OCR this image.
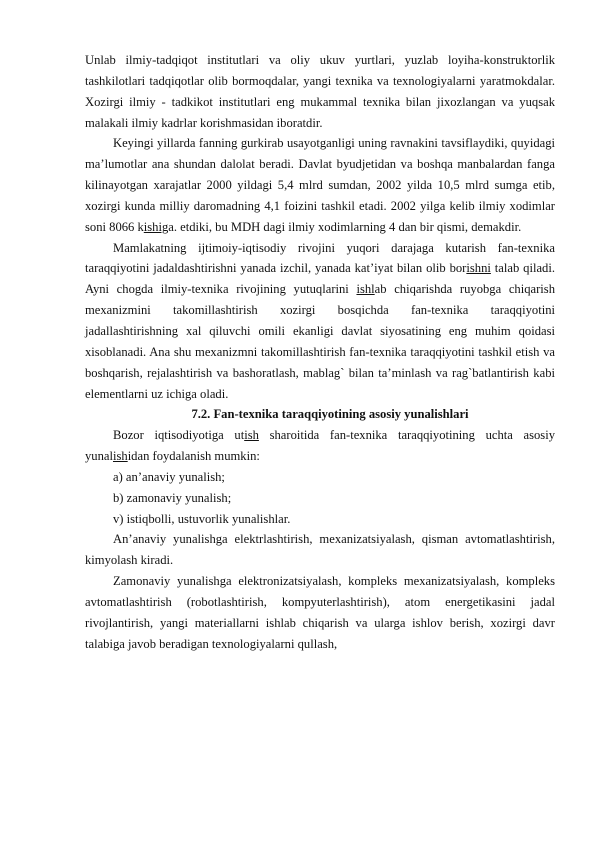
Unlab ilmiy-tadqiqot institutlari va oliy ukuv yurtlari, yuzlab loyiha-konstruktorlik tashkilotlari tadqiqotlar olib bormoqdalar, yangi texnika va texnologiyalarni yaratmokdalar. Xozirgi ilmiy - tadkikot institutlari eng mukammal texnika bilan jixozlangan va yuqsak malakali ilmiy kadrlar korishmasidan iboratdir.

Keyingi yillarda fanning gurkirab usayotganligi uning ravnakini tavsiflaydiki, quyidagi ma’lumotlar ana shundan dalolat beradi. Davlat byudjetidan va boshqa manbalardan fanga kilinayotgan xarajatlar 2000 yildagi 5,4 mlrd sumdan, 2002 yilda 10,5 mlrd sumga etib, xozirgi kunda milliy daromadning 4,1 foizini tashkil etadi. 2002 yilga kelib ilmiy xodimlar soni 8066 kishiga. etdiki, bu MDH dagi ilmiy xodimlarning 4 dan bir qismi, demakdir.

Mamlakatning ijtimoiy-iqtisodiy rivojini yuqori darajaga kutarish fan-texnika taraqqiyotini jadaldashtirishni yanada izchil, yanada kat’iyat bilan olib borishni talab qiladi. Ayni chogda ilmiy-texnika rivojining yutuqlarini ishlab chiqarishda ruyobga chiqarish mexanizmini takomillashtirish xozirgi bosqichda fan-texnika taraqqiyotini jadallashtirishning xal qiluvchi omili ekanligi davlat siyosatining eng muhim qoidasi xisoblanadi. Ana shu mexanizmni takomillashtirish fan-texnika taraqqiyotini tashkil etish va boshqarish, rejalashtirish va bashoratlash, mablag` bilan ta’minlash va rag`batlantirish kabi elementlarni uz ichiga oladi.

7.2. Fan-texnika taraqqiyotining asosiy yunalishlari

Bozor iqtisodiyotiga utish sharoitida fan-texnika taraqqiyotining uchta asosiy yunalishidan foydalanish mumkin:

a) an’anaviy yunalish;

b) zamonaviy yunalish;

v) istiqbolli, ustuvorlik yunalishlar.

An’anaviy yunalishga elektrlashtirish, mexanizatsiyalash, qisman avtomatlashtirish, kimyolash kiradi.

Zamonaviy yunalishga elektronizatsiyalash, kompleks mexanizatsiyalash, kompleks avtomatlashtirish (robotlashtirish, kompyuterlashtirish), atom energetikasini jadal rivojlantirish, yangi materiallarni ishlab chiqarish va ularga ishlov berish, xozirgi davr talabiga javob beradigan texnologiyalarni qullash,
